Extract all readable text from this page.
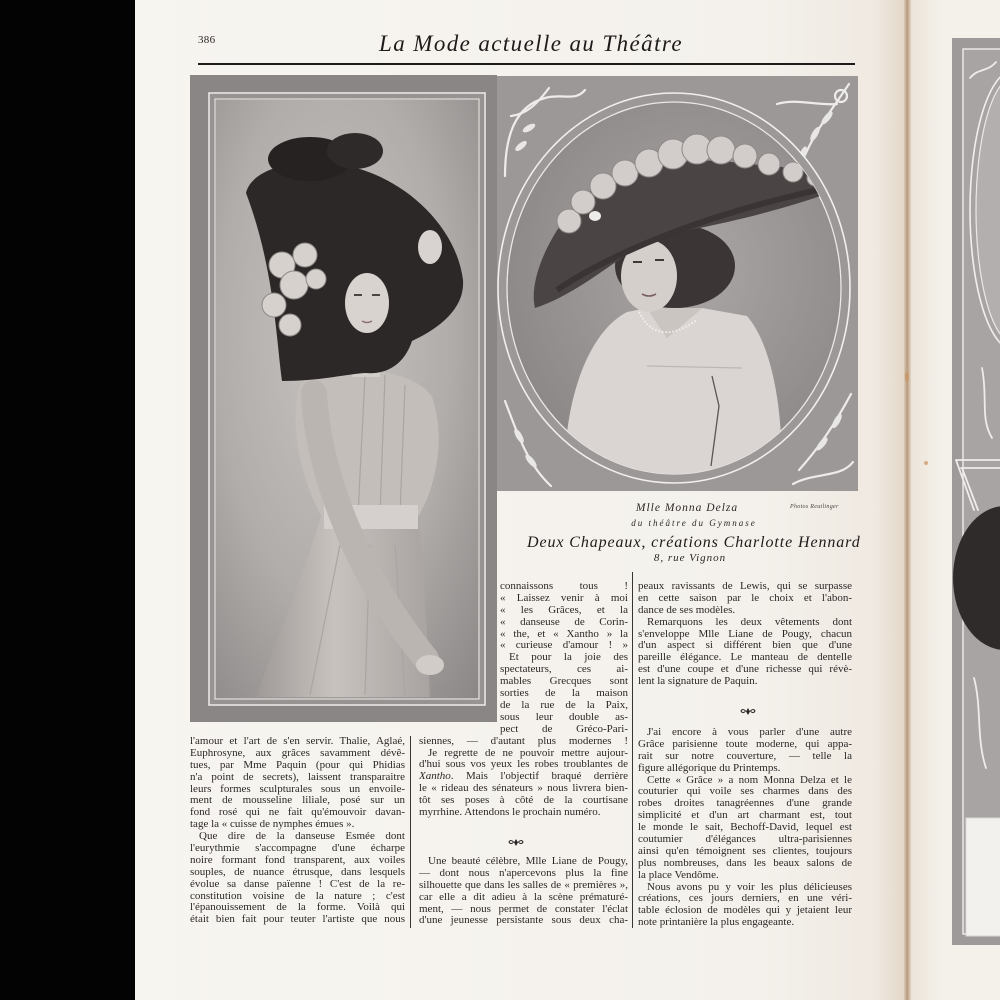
386	La Mode actuelle au Théâtre
Mlle Monna Delza	Photos Reutlinger
du théâtre du Gymnase
Deux Chapeaux, créations Charlotte Hennard
8, rue Vignon
l'amour et l'art de s'en servir. Thalie, Aglaé,
Euphrosyne, aux grâces savamment dévê-
tues, par Mme Paquin (pour qui Phidias
n'a point de secrets), laissent transparaitre
leurs formes sculpturales sous un envoile-
ment de mousseline liliale, posé sur un
fond rosé qui ne fait qu'émouvoir davan-
tage la « cuisse de nymphes émues ».
Que dire de la danseuse Esmée dont
l'eurythmie s'accompagne d'une écharpe
noire formant fond transparent, aux voiles
souples, de nuance étrusque, dans lesquels
évolue sa danse païenne ! C'est de la re-
constitution voisine de la nature ; c'est
l'épanouissement de la forme. Voilà qui
était bien fait pour teuter l'artiste que nous
connaissons tous !
« Laissez venir à moi
« les Grâces, et la
« danseuse de Corin-
« the, et « Xantho » la
« curieuse d'amour ! »
Et pour la joie des
spectateurs, ces ai-
mables Grecques sont
sorties de la maison
de la rue de la Paix,
sous leur double as-
pect de Gréco-Pari-
siennes, — d'autant plus modernes !
Je regrette de ne pouvoir mettre aujour-
d'hui sous vos yeux les robes troublantes de
Xantho. Mais l'objectif braqué derrière
le « rideau des sénateurs » nous livrera bien-
tôt ses poses à côté de la courtisane
myrrhine. Attendons le prochain numéro.
Une beauté célèbre, Mlle Liane de Pougy,
— dont nous n'apercevons plus la fine
silhouette que dans les salles de « premières »,
car elle a dit adieu à la scène prématuré-
ment, — nous permet de constater l'éclat
d'une jeunesse persistante sous deux cha-
peaux ravissants de Lewis, qui se surpasse
en cette saison par le choix et l'abon-
dance de ses modèles.
Remarquons les deux vêtements dont
s'enveloppe Mlle Liane de Pougy, chacun
d'un aspect si différent bien que d'une
pareille élégance. Le manteau de dentelle
est d'une coupe et d'une richesse qui révè-
lent la signature de Paquin.
J'ai encore à vous parler d'une autre
Grâce parisienne toute moderne, qui appa-
rait sur notre couverture, — telle la
figure allégorique du Printemps.
Cette « Grâce » a nom Monna Delza et le
couturier qui voile ses charmes dans des
robes droites tanagréennes d'une grande
simplicité et d'un art charmant est, tout
le monde le sait, Bechoff-David, lequel est
coutumier d'élégances ultra-parisiennes
ainsi qu'en témoignent ses clientes, toujours
plus nombreuses, dans les beaux salons de
la place Vendôme.
Nous avons pu y voir les plus délicieuses
créations, ces jours derniers, en une véri-
table éclosion de modèles qui y jetaient leur
note printanière la plus engageante.
